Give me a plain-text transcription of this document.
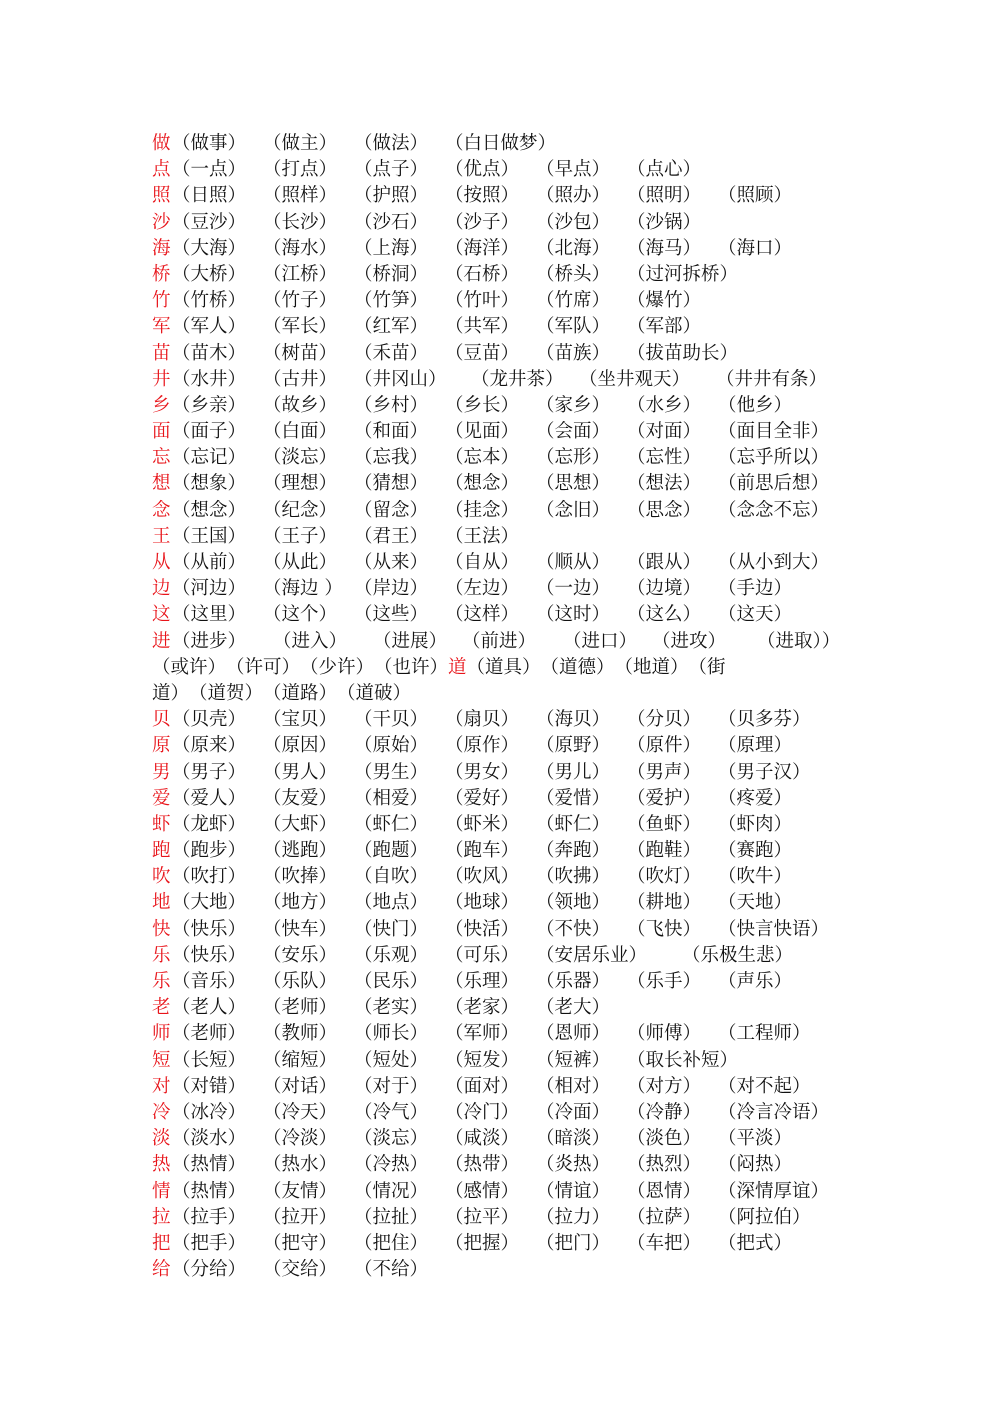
做 （做事） （做主） （做法） （白日做梦）
点 （一点） （打点） （点子） （优点） （早点） （点心）
照 （日照） （照样） （护照） （按照） （照办） （照明） （照顾）
沙 （豆沙） （长沙） （沙石） （沙子） （沙包） （沙锅）
海 （大海） （海水） （上海） （海洋） （北海） （海马） （海口）
桥 （大桥） （江桥） （桥洞） （石桥） （桥头） （过河拆桥）
竹 （竹桥） （竹子） （竹笋） （竹叶） （竹席） （爆竹）
军 （军人） （军长） （红军） （共军） （军队） （军部）
苗 （苗木） （树苗） （禾苗） （豆苗） （苗族） （拔苗助长）
井 （水井） （古井） （井冈山） （龙井茶） （坐井观天） （井井有条）
乡 （乡亲） （故乡） （乡村） （乡长） （家乡） （水乡） （他乡）
面 （面子） （白面） （和面） （见面） （会面） （对面） （面目全非）
忘 （忘记） （淡忘） （忘我） （忘本） （忘形） （忘性） （忘乎所以）
想 （想象） （理想） （猜想） （想念） （思想） （想法） （前思后想）
念 （想念） （纪念） （留念） （挂念） （念旧） （思念） （念念不忘）
王 （王国） （王子） （君王） （王法）
从 （从前） （从此） （从来） （自从） （顺从） （跟从） （从小到大）
边 （河边） （海边 ） （岸边） （左边） （一边） （边境） （手边）
这 （这里） （这个） （这些） （这样） （这时） （这么） （这天）
进 （进步） （进入） （进展） （前进） （进口） （进攻） （进取））
（或许）　（许可）　（少许）　（也许）道（道具）　（道德）　（地道）　（街
道）　（道贺）　（道路）　（道破）
贝 （贝壳） （宝贝） （干贝） （扇贝） （海贝） （分贝） （贝多芬）
原 （原来） （原因） （原始） （原作） （原野） （原件） （原理）
男 （男子） （男人） （男生） （男女） （男儿） （男声） （男子汉）
爱 （爱人） （友爱） （相爱） （爱好） （爱惜） （爱护） （疼爱）
虾 （龙虾） （大虾） （虾仁） （虾米） （虾仁） （鱼虾） （虾肉）
跑 （跑步） （逃跑） （跑题） （跑车） （奔跑） （跑鞋） （赛跑）
吹 （吹打） （吹捧） （自吹） （吹风） （吹拂） （吹灯） （吹牛）
地 （大地） （地方） （地点） （地球） （领地） （耕地） （天地）
快 （快乐） （快车） （快门） （快活） （不快） （飞快） （快言快语）
乐 （快乐） （安乐） （乐观） （可乐） （安居乐业） （乐极生悲）
乐 （音乐） （乐队） （民乐） （乐理） （乐器） （乐手） （声乐）
老 （老人） （老师） （老实） （老家） （老大）
师 （老师） （教师） （师长） （军师） （恩师） （师傅） （工程师）
短 （长短） （缩短） （短处） （短发） （短裤） （取长补短）
对 （对错） （对话） （对于） （面对） （相对） （对方） （对不起）
冷 （冰冷） （冷天） （冷气） （冷门） （冷面） （冷静） （冷言冷语）
淡 （淡水） （冷淡） （淡忘） （咸淡） （暗淡） （淡色） （平淡）
热 （热情） （热水） （冷热） （热带） （炎热） （热烈） （闷热）
情 （热情） （友情） （情况） （感情） （情谊） （恩情） （深情厚谊）
拉 （拉手） （拉开） （拉扯） （拉平） （拉力） （拉萨） （阿拉伯）
把 （把手） （把守） （把住） （把握） （把门） （车把） （把式）
给 （分给） （交给） （不给）
